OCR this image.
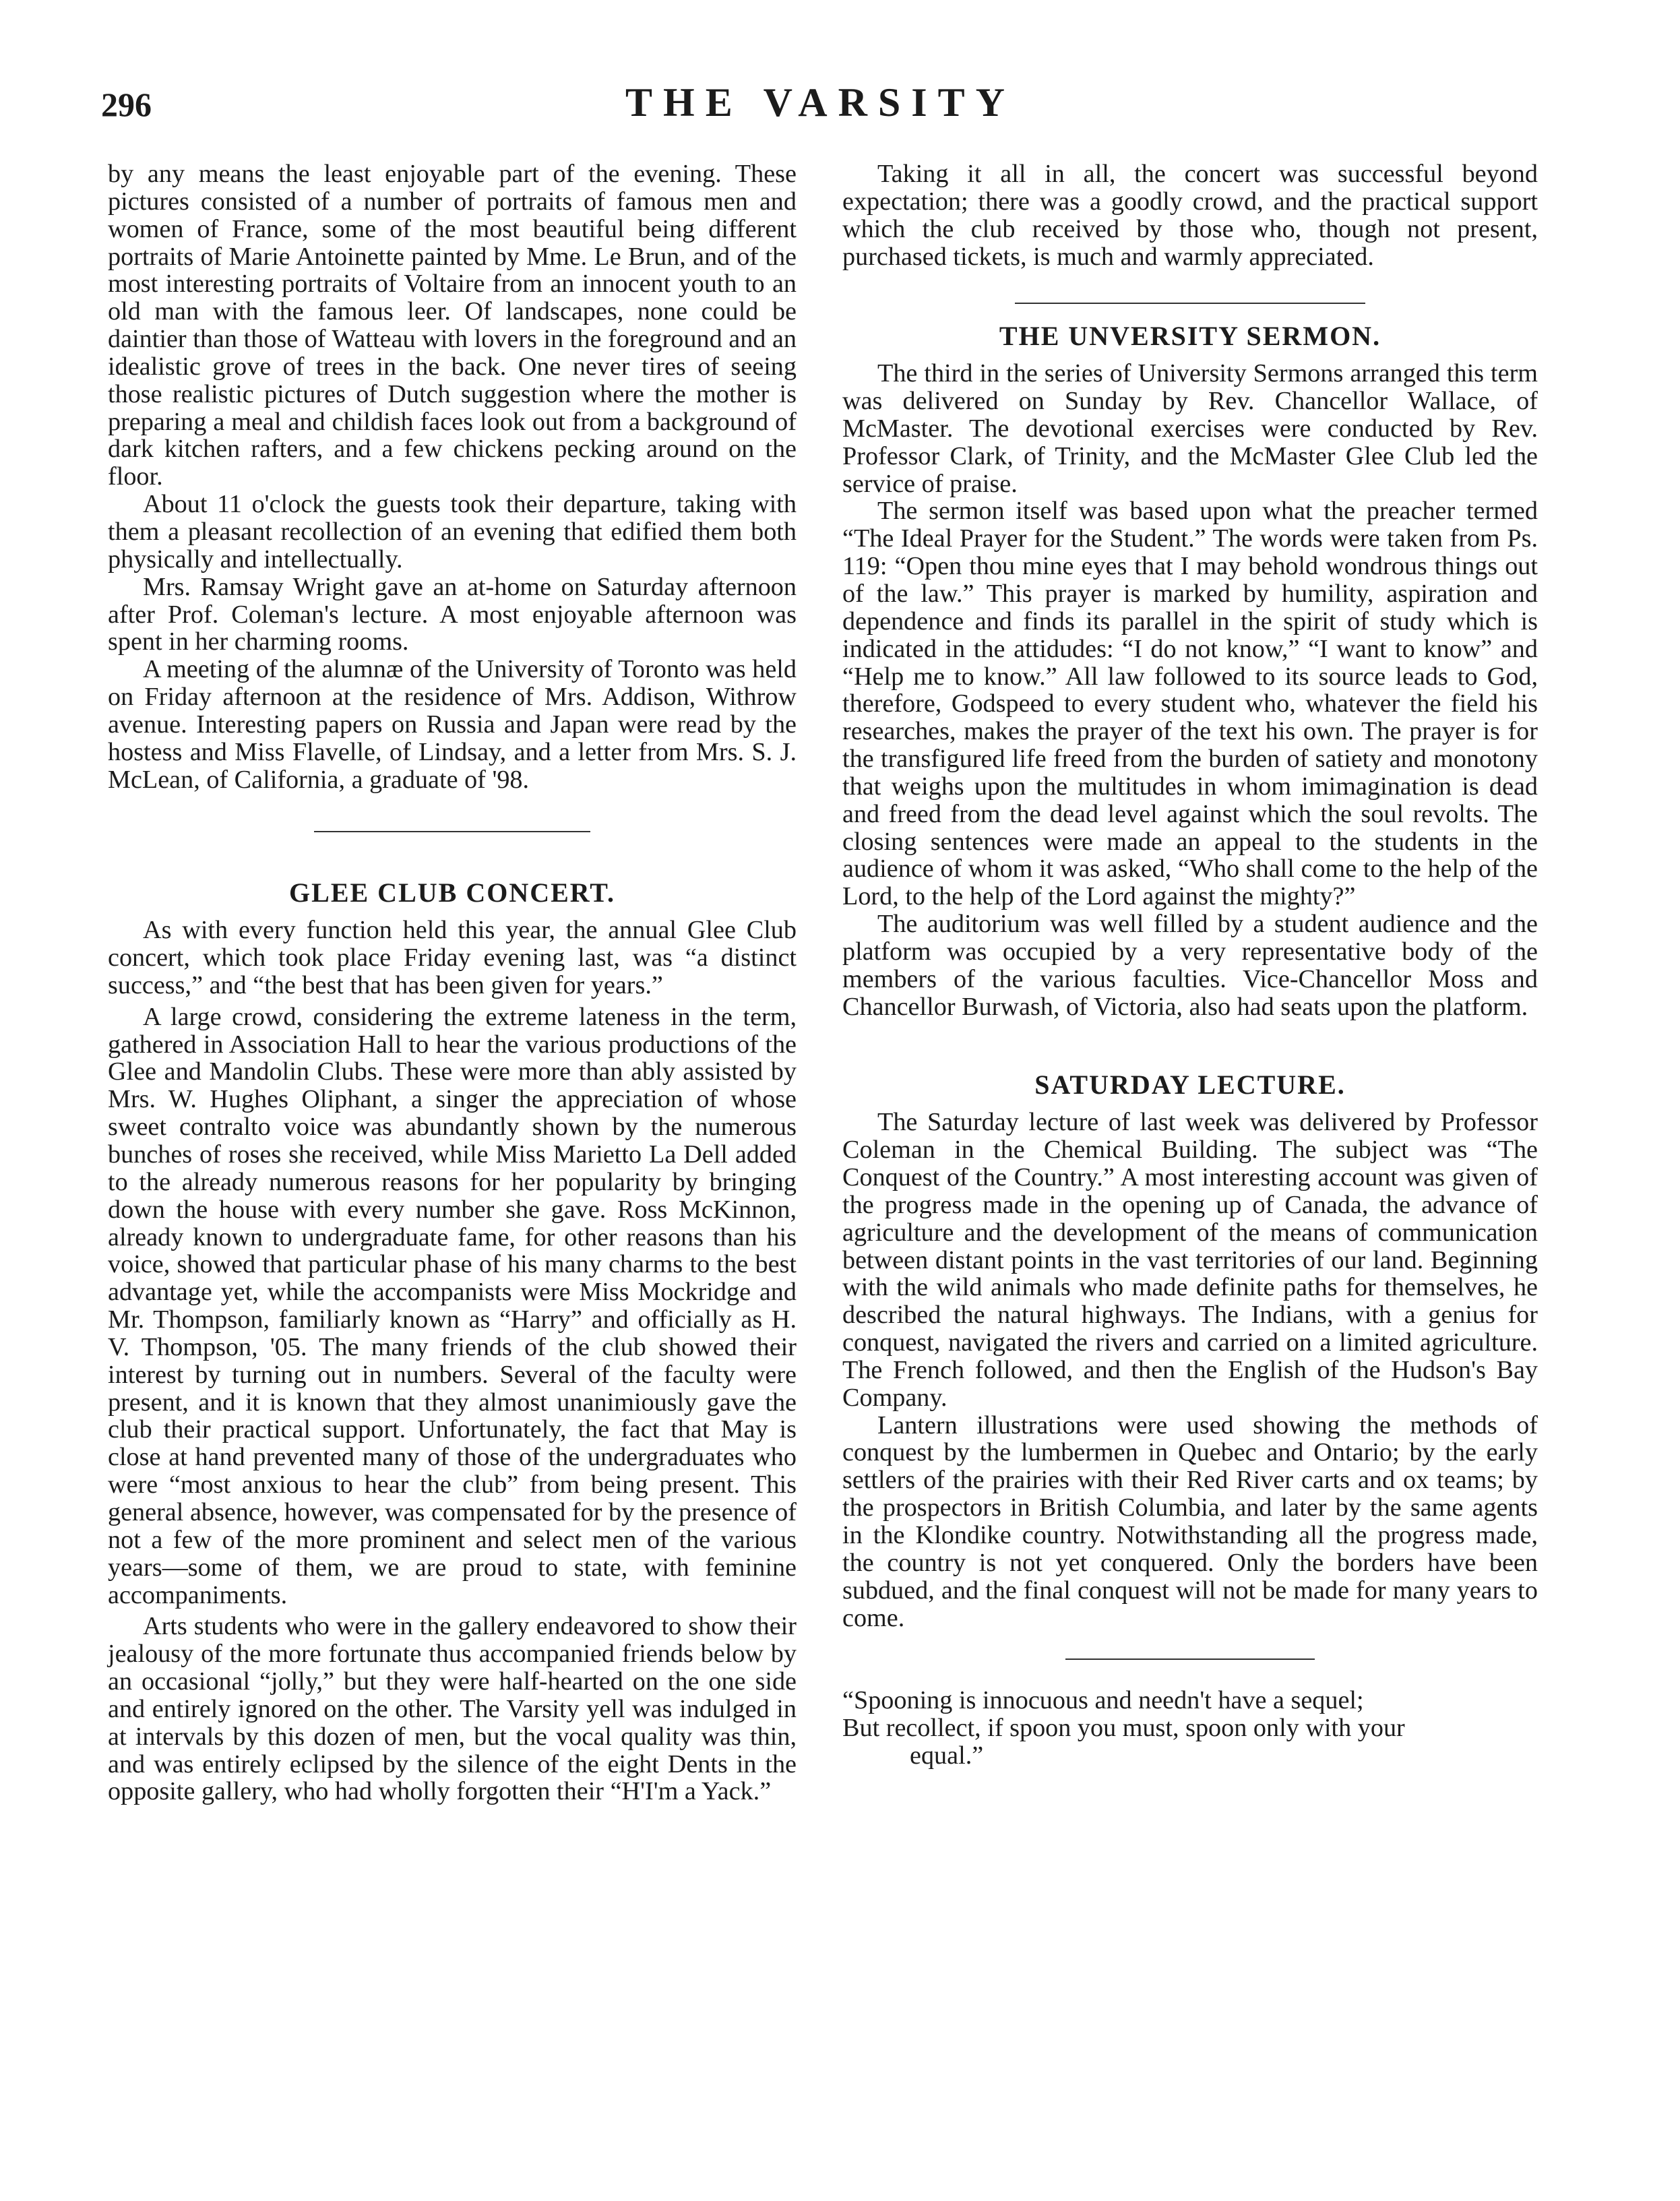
296	THE VARSITY

by any means the least enjoyable part of the evening. These pictures consisted of a number of portraits of famous men and women of France, some of the most beautiful being different portraits of Marie Antoinette painted by Mme. Le Brun, and of the most interesting portraits of Voltaire from an innocent youth to an old man with the famous leer. Of landscapes, none could be daintier than those of Watteau with lovers in the foreground and an idealistic grove of trees in the back. One never tires of seeing those realistic pictures of Dutch suggestion where the mother is preparing a meal and childish faces look out from a background of dark kitchen rafters, and a few chickens pecking around on the floor.

About 11 o'clock the guests took their departure, taking with them a pleasant recollection of an evening that edified them both physically and intellectually.

Mrs. Ramsay Wright gave an at-home on Saturday afternoon after Prof. Coleman's lecture. A most enjoyable afternoon was spent in her charming rooms.

A meeting of the alumnæ of the University of Toronto was held on Friday afternoon at the residence of Mrs. Addison, Withrow avenue. Interesting papers on Russia and Japan were read by the hostess and Miss Flavelle, of Lindsay, and a letter from Mrs. S. J. McLean, of California, a graduate of '98.

GLEE CLUB CONCERT.

As with every function held this year, the annual Glee Club concert, which took place Friday evening last, was “a distinct success,” and “the best that has been given for years.”

A large crowd, considering the extreme lateness in the term, gathered in Association Hall to hear the various productions of the Glee and Mandolin Clubs. These were more than ably assisted by Mrs. W. Hughes Oliphant, a singer the appreciation of whose sweet contralto voice was abundantly shown by the numerous bunches of roses she received, while Miss Marietto La Dell added to the already numerous reasons for her popularity by bringing down the house with every number she gave. Ross McKinnon, already known to undergraduate fame, for other reasons than his voice, showed that particular phase of his many charms to the best advantage yet, while the accompanists were Miss Mockridge and Mr. Thompson, familiarly known as “Harry” and officially as H. V. Thompson, '05. The many friends of the club showed their interest by turning out in numbers. Several of the faculty were present, and it is known that they almost unanimiously gave the club their practical support. Unfortunately, the fact that May is close at hand prevented many of those of the undergraduates who were “most anxious to hear the club” from being present. This general absence, however, was compensated for by the presence of not a few of the more prominent and select men of the various years—some of them, we are proud to state, with feminine accompaniments.

Arts students who were in the gallery endeavored to show their jealousy of the more fortunate thus accompanied friends below by an occasional “jolly,” but they were half-hearted on the one side and entirely ignored on the other. The Varsity yell was indulged in at intervals by this dozen of men, but the vocal quality was thin, and was entirely eclipsed by the silence of the eight Dents in the opposite gallery, who had wholly forgotten their “H'I'm a Yack.”

Taking it all in all, the concert was successful beyond expectation; there was a goodly crowd, and the practical support which the club received by those who, though not present, purchased tickets, is much and warmly appreciated.

THE UNVERSITY SERMON.

The third in the series of University Sermons arranged this term was delivered on Sunday by Rev. Chancellor Wallace, of McMaster. The devotional exercises were conducted by Rev. Professor Clark, of Trinity, and the McMaster Glee Club led the service of praise.

The sermon itself was based upon what the preacher termed “The Ideal Prayer for the Student.” The words were taken from Ps. 119: “Open thou mine eyes that I may behold wondrous things out of the law.” This prayer is marked by humility, aspiration and dependence and finds its parallel in the spirit of study which is indicated in the attidudes: “I do not know,” “I want to know” and “Help me to know.” All law followed to its source leads to God, therefore, Godspeed to every student who, whatever the field his researches, makes the prayer of the text his own. The prayer is for the transfigured life freed from the burden of satiety and monotony that weighs upon the multitudes in whom imimagination is dead and freed from the dead level against which the soul revolts. The closing sentences were made an appeal to the students in the audience of whom it was asked, “Who shall come to the help of the Lord, to the help of the Lord against the mighty?”

The auditorium was well filled by a student audience and the platform was occupied by a very representative body of the members of the various faculties. Vice-Chancellor Moss and Chancellor Burwash, of Victoria, also had seats upon the platform.

SATURDAY LECTURE.

The Saturday lecture of last week was delivered by Professor Coleman in the Chemical Building. The subject was “The Conquest of the Country.” A most interesting account was given of the progress made in the opening up of Canada, the advance of agriculture and the development of the means of communication between distant points in the vast territories of our land. Beginning with the wild animals who made definite paths for themselves, he described the natural highways. The Indians, with a genius for conquest, navigated the rivers and carried on a limited agriculture. The French followed, and then the English of the Hudson's Bay Company.

Lantern illustrations were used showing the methods of conquest by the lumbermen in Quebec and Ontario; by the early settlers of the prairies with their Red River carts and ox teams; by the prospectors in British Columbia, and later by the same agents in the Klondike country. Notwithstanding all the progress made, the country is not yet conquered. Only the borders have been subdued, and the final conquest will not be made for many years to come.

“Spooning is innocuous and needn't have a sequel;

But recollect, if spoon you must, spoon only with your

equal.”
